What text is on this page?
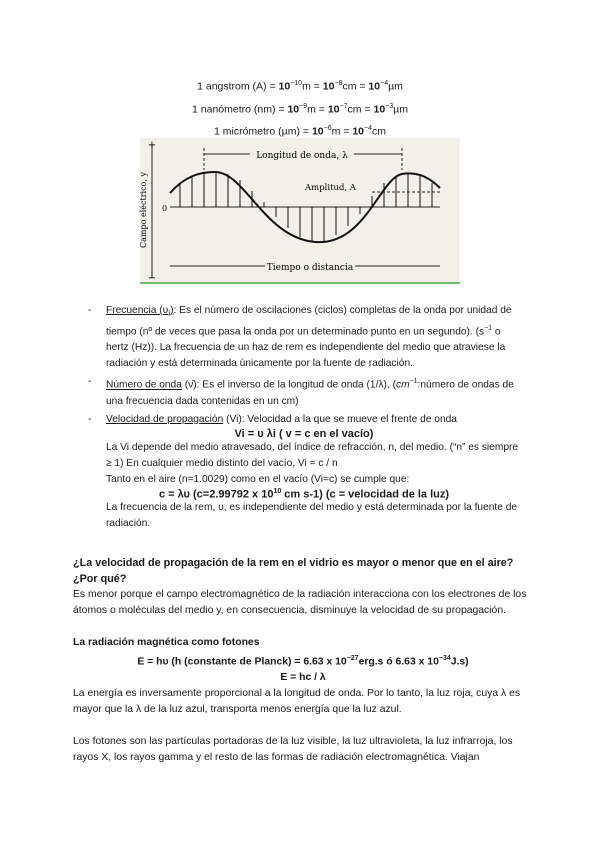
1 angstrom $(A) = 10^{-10}m = 10^{-8}cm = 10^{-4}\mu m$
1 nanómetro $(nm) = 10^{-9}m = 10^{-7}cm = 10^{-3}\mu m$
1 micrómetro $(\mu m) = 10^{-6}m = 10^{-4}cm$
+
−
0
Campo eléctrico, y
Longitud de onda, λ
Amplitud, A
Tiempo o distancia
- Frecuencia $(\upsilon_i)$: Es el número de oscilaciones (ciclos) completas de la onda por unidad de tiempo (nº de veces que pasa la onda por un determinado punto en un segundo). ($s^{-1}$ o hertz (Hz)). La frecuencia de un haz de rem es independiente del medio que atraviese la radiación y está determinada únicamente por la fuente de radiación.
- Número de onda (ν̄): Es el inverso de la longitud de onda (1/λ), ($cm^{-1}:número$ de ondas de una frecuencia dada contenidas en un cm)
- Velocidad de propagación (Vi): Velocidad a la que se mueve el frente de onda
Vi = υ λi ( v = c en el vacío)
La Vi depende del medio atravesado, del índice de refracción, n, del medio. (“n” es siempre ≥ 1) En cualquier medio distinto del vacío, Vi = c / n
Tanto en el aire (n=1.0029) como en el vacío (Vi=c) se cumple que:
c = λυ (c=2.99792 x $10^{10}$ cm s-1) (c = velocidad de la luz)
La frecuencia de la rem, υ, es independiente del medio y está determinada por la fuente de radiación.
¿La velocidad de propagación de la rem en el vidrio es mayor o menor que en el aire? ¿Por qué?
Es menor porque el campo electromagnético de la radiación interacciona con los electrones de los átomos o moléculas del medio y, en consecuencia, disminuye la velocidad de su propagación.
La radiación magnética como fotones
E = hυ (h (constante de Planck) = 6.63 x $10^{-27}erg.s$ ó 6.63 x $10^{-34}J.s$)
E = hc / λ
La energía es inversamente proporcional a la longitud de onda. Por lo tanto, la luz roja, cuya λ es mayor que la λ de la luz azul, transporta menos energía que la luz azul.
Los fotones son las partículas portadoras de la luz visible, la luz ultravioleta, la luz infrarroja, los rayos X, los rayos gamma y el resto de las formas de radiación electromagnética. Viajan
